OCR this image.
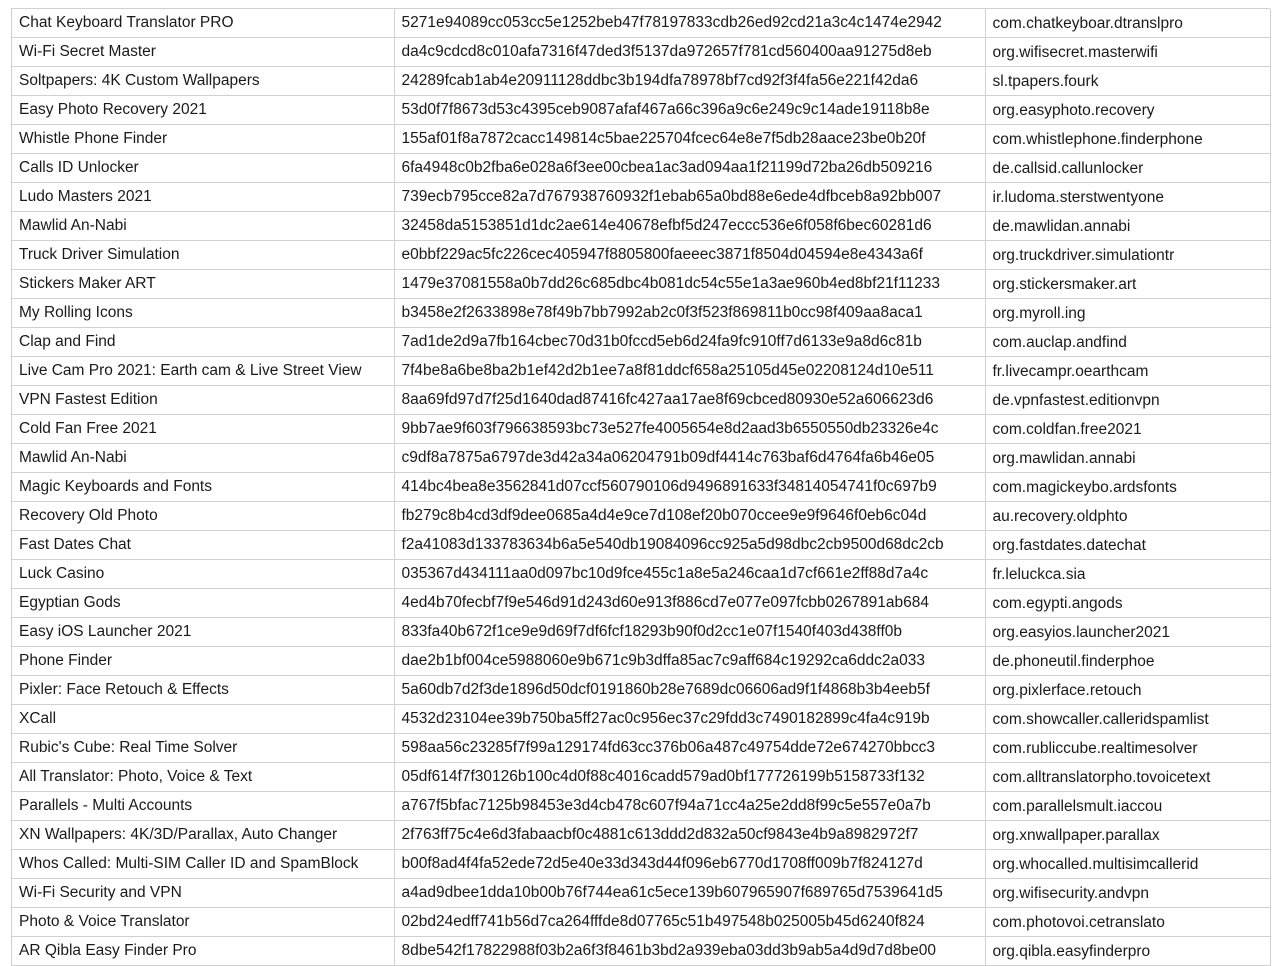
Chat Keyboard Translator PRO	5271e94089cc053cc5e1252beb47f78197833cdb26ed92cd21a3c4c1474e2942	com.chatkeyboar.dtranslpro
Wi-Fi Secret Master	da4c9cdcd8c010afa7316f47ded3f5137da972657f781cd560400aa91275d8eb	org.wifisecret.masterwifi
Soltpapers: 4K Custom Wallpapers	24289fcab1ab4e20911128ddbc3b194dfa78978bf7cd92f3f4fa56e221f42da6	sl.tpapers.fourk
Easy Photo Recovery 2021	53d0f7f8673d53c4395ceb9087afaf467a66c396a9c6e249c9c14ade19118b8e	org.easyphoto.recovery
Whistle Phone Finder	155af01f8a7872cacc149814c5bae225704fcec64e8e7f5db28aace23be0b20f	com.whistlephone.finderphone
Calls ID Unlocker	6fa4948c0b2fba6e028a6f3ee00cbea1ac3ad094aa1f21199d72ba26db509216	de.callsid.callunlocker
Ludo Masters 2021	739ecb795cce82a7d767938760932f1ebab65a0bd88e6ede4dfbceb8a92bb007	ir.ludoma.sterstwentyone
Mawlid An-Nabi	32458da5153851d1dc2ae614e40678efbf5d247eccc536e6f058f6bec60281d6	de.mawlidan.annabi
Truck Driver Simulation	e0bbf229ac5fc226cec405947f8805800faeeec3871f8504d04594e8e4343a6f	org.truckdriver.simulationtr
Stickers Maker ART	1479e37081558a0b7dd26c685dbc4b081dc54c55e1a3ae960b4ed8bf21f11233	org.stickersmaker.art
My Rolling Icons	b3458e2f2633898e78f49b7bb7992ab2c0f3f523f869811b0cc98f409aa8aca1	org.myroll.ing
Clap and Find	7ad1de2d9a7fb164cbec70d31b0fccd5eb6d24fa9fc910ff7d6133e9a8d6c81b	com.auclap.andfind
Live Cam Pro 2021: Earth cam & Live Street View	7f4be8a6be8ba2b1ef42d2b1ee7a8f81ddcf658a25105d45e02208124d10e511	fr.livecampr.oearthcam
VPN Fastest Edition	8aa69fd97d7f25d1640dad87416fc427aa17ae8f69cbced80930e52a606623d6	de.vpnfastest.editionvpn
Cold Fan Free 2021	9bb7ae9f603f796638593bc73e527fe4005654e8d2aad3b6550550db23326e4c	com.coldfan.free2021
Mawlid An-Nabi	c9df8a7875a6797de3d42a34a06204791b09df4414c763baf6d4764fa6b46e05	org.mawlidan.annabi
Magic Keyboards and Fonts	414bc4bea8e3562841d07ccf560790106d9496891633f34814054741f0c697b9	com.magickeybo.ardsfonts
Recovery Old Photo	fb279c8b4cd3df9dee0685a4d4e9ce7d108ef20b070ccee9e9f9646f0eb6c04d	au.recovery.oldphto
Fast Dates Chat	f2a41083d133783634b6a5e540db19084096cc925a5d98dbc2cb9500d68dc2cb	org.fastdates.datechat
Luck Casino	035367d434111aa0d097bc10d9fce455c1a8e5a246caa1d7cf661e2ff88d7a4c	fr.leluckca.sia
Egyptian Gods	4ed4b70fecbf7f9e546d91d243d60e913f886cd7e077e097fcbb0267891ab684	com.egypti.angods
Easy iOS Launcher 2021	833fa40b672f1ce9e9d69f7df6fcf18293b90f0d2cc1e07f1540f403d438ff0b	org.easyios.launcher2021
Phone Finder	dae2b1bf004ce5988060e9b671c9b3dffa85ac7c9aff684c19292ca6ddc2a033	de.phoneutil.finderphoe
Pixler: Face Retouch & Effects	5a60db7d2f3de1896d50dcf0191860b28e7689dc06606ad9f1f4868b3b4eeb5f	org.pixlerface.retouch
XCall	4532d23104ee39b750ba5ff27ac0c956ec37c29fdd3c7490182899c4fa4c919b	com.showcaller.calleridspamlist
Rubic's Cube: Real Time Solver	598aa56c23285f7f99a129174fd63cc376b06a487c49754dde72e674270bbcc3	com.rubliccube.realtimesolver
All Translator: Photo, Voice & Text	05df614f7f30126b100c4d0f88c4016cadd579ad0bf177726199b5158733f132	com.alltranslatorpho.tovoicetext
Parallels - Multi Accounts	a767f5bfac7125b98453e3d4cb478c607f94a71cc4a25e2dd8f99c5e557e0a7b	com.parallelsmult.iaccou
XN Wallpapers: 4K/3D/Parallax, Auto Changer	2f763ff75c4e6d3fabaacbf0c4881c613ddd2d832a50cf9843e4b9a8982972f7	org.xnwallpaper.parallax
Whos Called: Multi-SIM Caller ID and SpamBlock	b00f8ad4f4fa52ede72d5e40e33d343d44f096eb6770d1708ff009b7f824127d	org.whocalled.multisimcallerid
Wi-Fi Security and VPN	a4ad9dbee1dda10b00b76f744ea61c5ece139b607965907f689765d7539641d5	org.wifisecurity.andvpn
Photo & Voice Translator	02bd24edff741b56d7ca264fffde8d07765c51b497548b025005b45d6240f824	com.photovoi.cetranslato
AR Qibla Easy Finder Pro	8dbe542f17822988f03b2a6f3f8461b3bd2a939eba03dd3b9ab5a4d9d7d8be00	org.qibla.easyfinderpro
